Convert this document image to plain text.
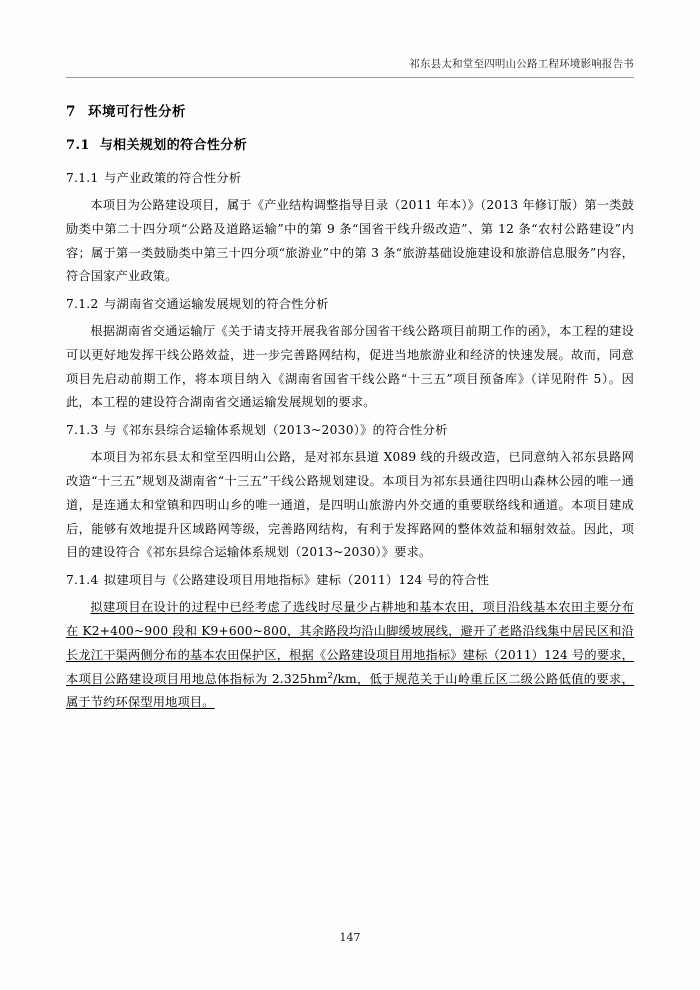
祁东县太和堂至四明山公路工程环境影响报告书
7 环境可行性分析
7.1 与相关规划的符合性分析
7.1.1 与产业政策的符合性分析

本项目为公路建设项目，属于《产业结构调整指导目录（2011 年本）》（2013 年修订版）第一类鼓励类中第二十四分项“公路及道路运输”中的第 9 条“国省干线升级改造”、第 12 条“农村公路建设”内容；属于第一类鼓励类中第三十四分项“旅游业”中的第 3 条“旅游基础设施建设和旅游信息服务”内容，符合国家产业政策。

7.1.2 与湖南省交通运输发展规划的符合性分析

根据湖南省交通运输厅《关于请支持开展我省部分国省干线公路项目前期工作的函》，本工程的建设可以更好地发挥干线公路效益，进一步完善路网结构，促进当地旅游业和经济的快速发展。故而，同意项目先启动前期工作，将本项目纳入《湖南省国省干线公路“十三五”项目预备库》（详见附件 5）。因此，本工程的建设符合湖南省交通运输发展规划的要求。

7.1.3 与《祁东县综合运输体系规划（2013~2030）》的符合性分析

本项目为祁东县太和堂至四明山公路，是对祁东县道 X089 线的升级改造，已同意纳入祁东县路网改造“十三五”规划及湖南省“十三五”干线公路规划建设。本项目为祁东县通往四明山森林公园的唯一通道，是连通太和堂镇和四明山乡的唯一通道，是四明山旅游内外交通的重要联络线和通道。本项目建成后，能够有效地提升区域路网等级，完善路网结构，有利于发挥路网的整体效益和辐射效益。因此，项目的建设符合《祁东县综合运输体系规划（2013~2030）》要求。

7.1.4 拟建项目与《公路建设项目用地指标》建标（2011）124 号的符合性

拟建项目在设计的过程中已经考虑了选线时尽量少占耕地和基本农田，项目沿线基本农田主要分布在 K2+400~900 段和 K9+600~800，其余路段均沿山脚缓坡展线，避开了老路沿线集中居民区和沿长龙江干渠两侧分布的基本农田保护区，根据《公路建设项目用地指标》建标（2011）124 号的要求，本项目公路建设项目用地总体指标为 $2.325hm^2/km$，低于规范关于山岭重丘区二级公路低值的要求，属于节约环保型用地项目。

147
